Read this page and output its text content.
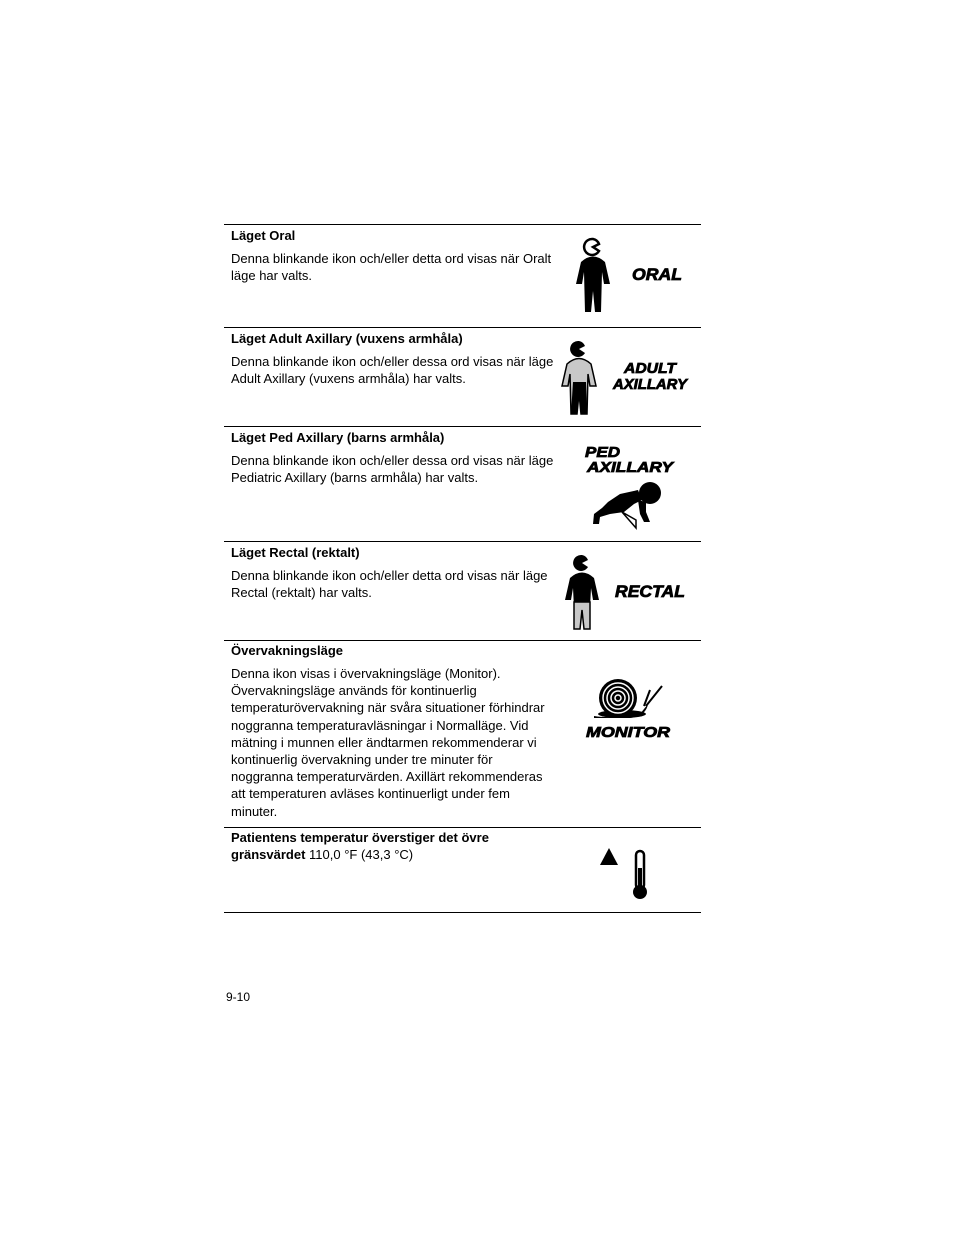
Läget Oral
Denna blinkande ikon och/eller detta ord visas när Oralt läge har valts.	ORAL
Läget Adult Axillary (vuxens armhåla)
Denna blinkande ikon och/eller dessa ord visas när läge Adult Axillary (vuxens armhåla) har valts.
ADULT
AXILLARY
Läget Ped Axillary (barns armhåla)
Denna blinkande ikon och/eller dessa ord visas när läge Pediatric Axillary (barns armhåla) har valts.
PED
AXILLARY
Läget Rectal (rektalt)
Denna blinkande ikon och/eller detta ord visas när läge Rectal (rektalt) har valts.	RECTAL
Övervakningsläge
Denna ikon visas i övervakningsläge (Monitor). Övervakningsläge används för kontinuerlig temperaturövervakning när svåra situationer förhindrar noggranna temperaturavläsningar i Normalläge. Vid mätning i munnen eller ändtarmen rekommenderar vi kontinuerlig övervakning under tre minuter för noggranna temperaturvärden. Axillärt rekommenderas att temperaturen avläses kontinuerligt under fem minuter.
MONITOR
Patientens temperatur överstiger det övre gränsvärdet 110,0 °F (43,3 °C)
9-10
